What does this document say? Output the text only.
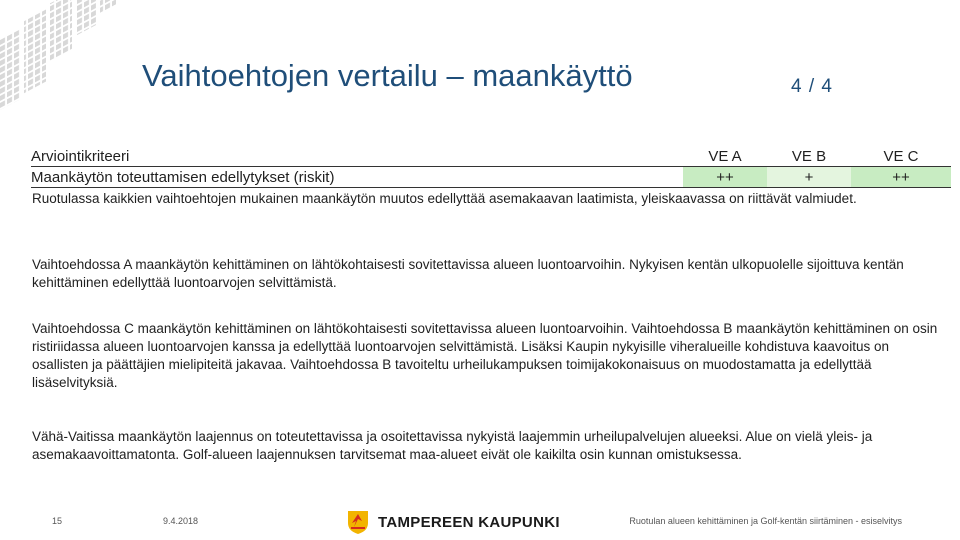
Vaihtoehtojen vertailu – maankäyttö	4 / 4
Arviointikriteeri	VE A	VE B	VE C
Maankäytön toteuttamisen edellytykset (riskit)	++	+	++

Ruotulassa kaikkien vaihtoehtojen mukainen maankäytön muutos edellyttää asemakaavan laatimista, yleiskaavassa on riittävät valmiudet.

Vaihtoehdossa A maankäytön kehittäminen on lähtökohtaisesti sovitettavissa alueen luontoarvoihin. Nykyisen kentän ulkopuolelle sijoittuva kentän kehittäminen edellyttää luontoarvojen selvittämistä.

Vaihtoehdossa C maankäytön kehittäminen on lähtökohtaisesti sovitettavissa alueen luontoarvoihin. Vaihtoehdossa B maankäytön kehittäminen on osin ristiriidassa alueen luontoarvojen kanssa ja edellyttää luontoarvojen selvittämistä. Lisäksi Kaupin nykyisille viheralueille kohdistuva kaavoitus on osallisten ja päättäjien mielipiteitä jakavaa. Vaihtoehdossa B tavoiteltu urheilukampuksen toimijakokonaisuus on muodostamatta ja edellyttää lisäselvityksiä.

Vähä-Vaitissa maankäytön laajennus on toteutettavissa ja osoitettavissa nykyistä laajemmin urheilupalvelujen alueeksi. Alue on vielä yleis- ja asemakaavoittamatonta. Golf-alueen laajennuksen tarvitsemat maa-alueet eivät ole kaikilta osin kunnan omistuksessa.

15	9.4.2018	TAMPEREEN KAUPUNKI	Ruotulan alueen kehittäminen ja Golf-kentän siirtäminen - esiselvitys
